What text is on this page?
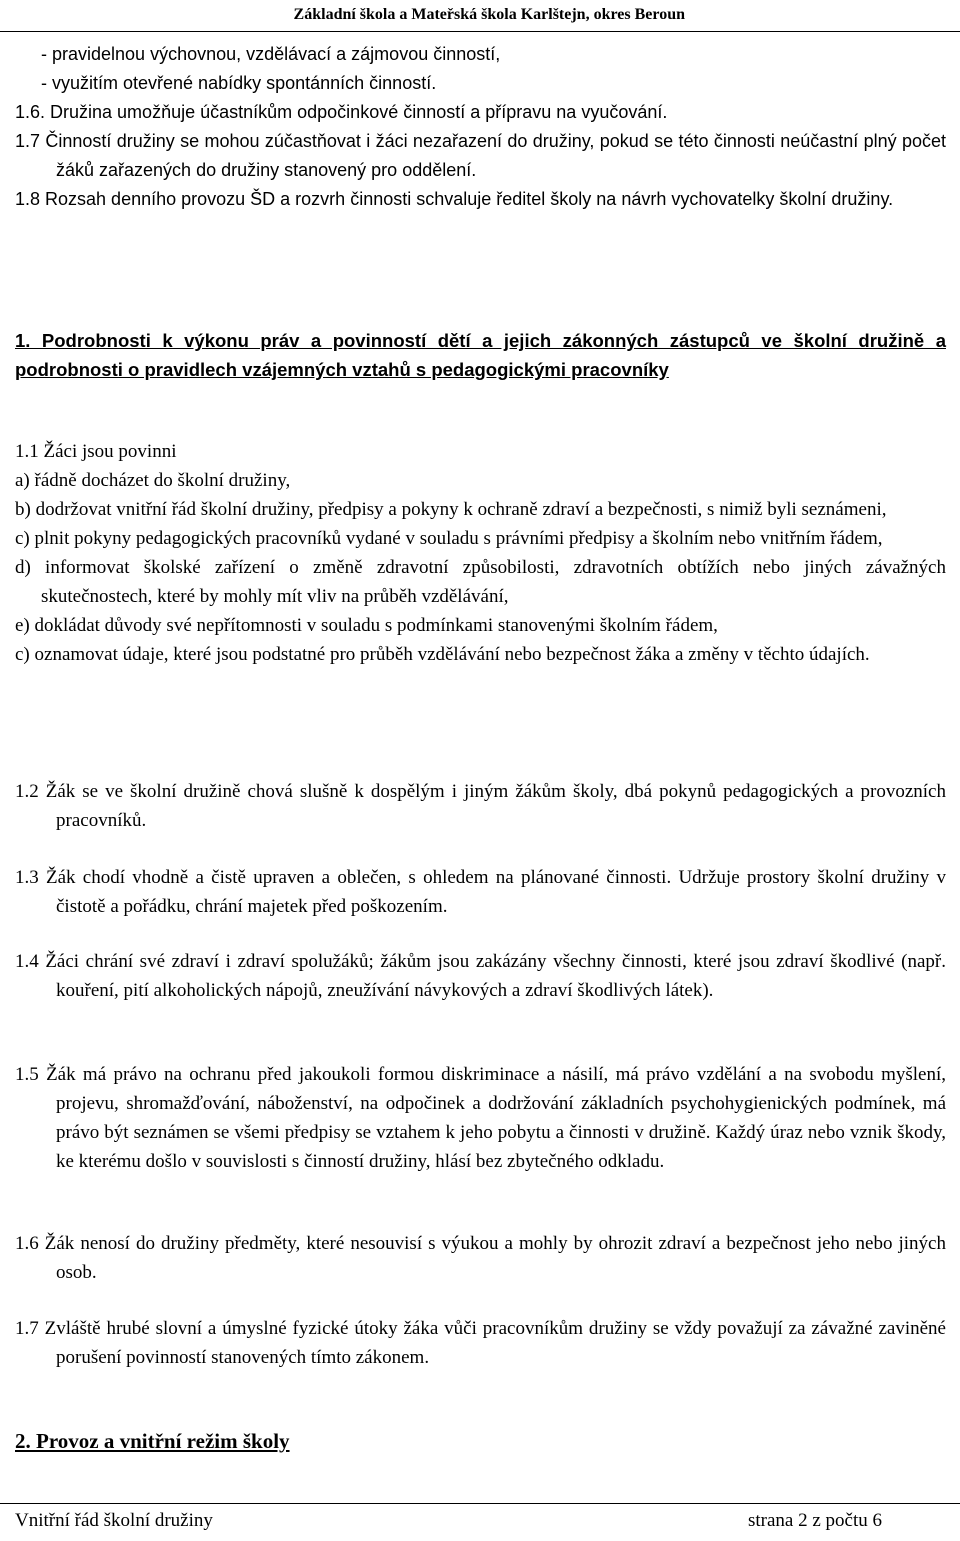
Základní škola a Mateřská škola Karlštejn, okres Beroun
- pravidelnou výchovnou, vzdělávací a zájmovou činností,
- využitím otevřené nabídky spontánních činností.
1.6. Družina umožňuje účastníkům odpočinkové činností a přípravu na vyučování.
1.7 Činností družiny se mohou zúčastňovat i žáci nezařazení do družiny, pokud se této činnosti neúčastní plný počet žáků zařazených do družiny stanovený pro oddělení.
1.8 Rozsah denního provozu ŠD a rozvrh činnosti schvaluje ředitel školy na návrh vychovatelky školní družiny.
1. Podrobnosti k výkonu práv a povinností dětí a jejich zákonných zástupců ve školní družině a podrobnosti o pravidlech vzájemných vztahů s pedagogickými pracovníky
1.1 Žáci jsou povinni
a) řádně docházet do školní družiny,
b) dodržovat vnitřní řád školní družiny, předpisy a pokyny k ochraně zdraví a bezpečnosti, s nimiž byli seznámeni,
c) plnit pokyny pedagogických pracovníků vydané v souladu s právními předpisy a školním nebo vnitřním řádem,
d) informovat školské zařízení o změně zdravotní způsobilosti, zdravotních obtížích nebo jiných závažných skutečnostech, které by mohly mít vliv na průběh vzdělávání,
e) dokládat důvody své nepřítomnosti v souladu s podmínkami stanovenými školním řádem,
c) oznamovat údaje, které jsou podstatné pro průběh vzdělávání nebo bezpečnost žáka a změny v těchto údajích.
1.2 Žák se ve školní družině chová slušně k dospělým i jiným žákům školy, dbá pokynů pedagogických a provozních pracovníků.
1.3 Žák chodí vhodně a čistě upraven a oblečen, s ohledem na plánované činnosti. Udržuje prostory školní družiny v čistotě a pořádku, chrání majetek před poškozením.
1.4 Žáci chrání své zdraví i zdraví spolužáků; žákům jsou zakázány všechny činnosti, které jsou zdraví škodlivé (např. kouření, pití alkoholických nápojů, zneužívání návykových a zdraví škodlivých látek).
1.5 Žák má právo na ochranu před jakoukoli formou diskriminace a násilí, má právo vzdělání a na svobodu myšlení, projevu, shromažďování, náboženství, na odpočinek a dodržování základních psychohygienických podmínek, má právo být seznámen se všemi předpisy se vztahem k jeho pobytu a činnosti v družině. Každý úraz nebo vznik škody, ke kterému došlo v souvislosti s činností družiny, hlásí bez zbytečného odkladu.
1.6 Žák nenosí do družiny předměty, které nesouvisí s výukou a mohly by ohrozit zdraví a bezpečnost jeho nebo jiných osob.
1.7 Zvláště hrubé slovní a úmyslné fyzické útoky žáka vůči pracovníkům družiny se vždy považují za závažné zaviněné porušení povinností stanovených tímto zákonem.
2. Provoz a vnitřní režim školy
Vnitřní řád školní družiny	strana 2 z počtu 6
